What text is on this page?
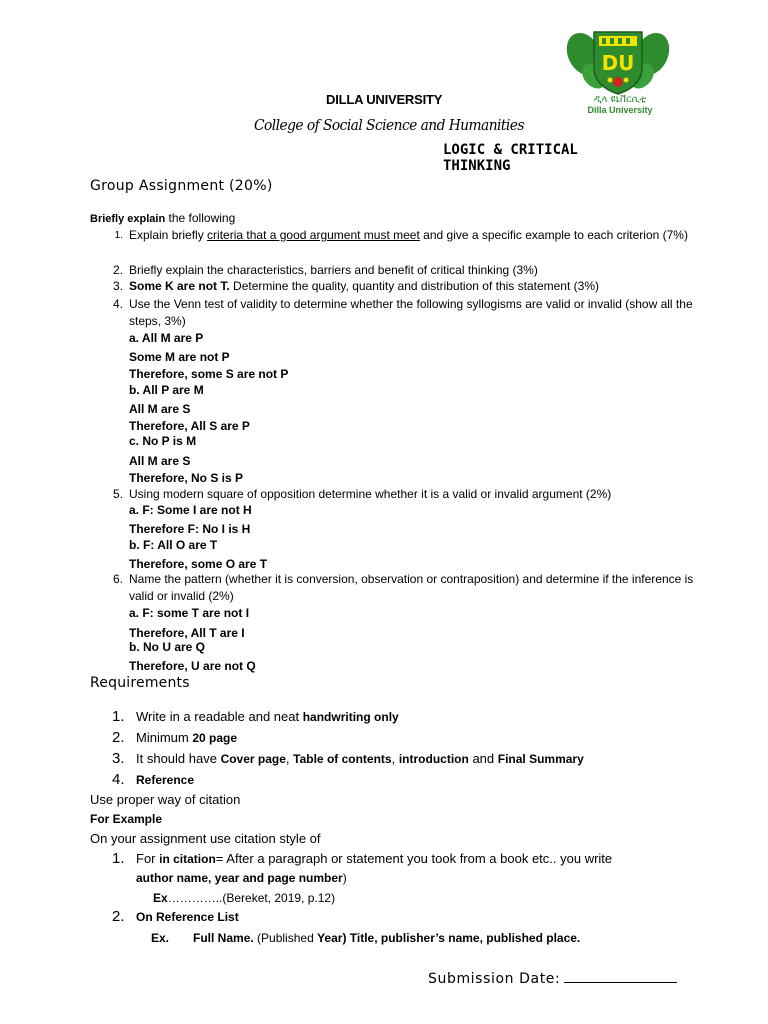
DILLA UNIVERSITY
College of Social Science and Humanities
LOGIC & CRITICAL
THINKING
DU
ዲላ ዩኒቨርሲቲ
Dilla University
Group Assignment (20%)
Briefly explain the following
1. Explain briefly criteria that a good argument must meet and give a specific example to each criterion (7%)
2. Briefly explain the characteristics, barriers and benefit of critical thinking (3%)
3. Some K are not T. Determine the quality, quantity and distribution of this statement (3%)
4. Use the Venn test of validity to determine whether the following syllogisms are valid or invalid (show all the steps, 3%)
a. All M are P
Some M are not P
Therefore, some S are not P
b. All P are M
All M are S
Therefore, All S are P
c. No P is M
All M are S
Therefore, No S is P
5. Using modern square of opposition determine whether it is a valid or invalid argument (2%)
a. F: Some I are not H
Therefore F: No I is H
b. F: All O are T
Therefore, some O are T
6. Name the pattern (whether it is conversion, observation or contraposition) and determine if the inference is valid or invalid (2%)
a. F: some T are not I
Therefore, All T are I
b. No U are Q
Therefore, U are not Q
Requirements
1. Write in a readable and neat handwriting only
2. Minimum 20 page
3. It should have Cover page, Table of contents, introduction and Final Summary
4. Reference
Use proper way of citation
For Example
On your assignment use citation style of
1. For in citation= After a paragraph or statement you took from a book etc.. you write
author name, year and page number)
Ex…………..(Bereket, 2019, p.12)
2. On Reference List
Ex. Full Name. (Published Year) Title, publisher’s name, published place.
Submission Date:
